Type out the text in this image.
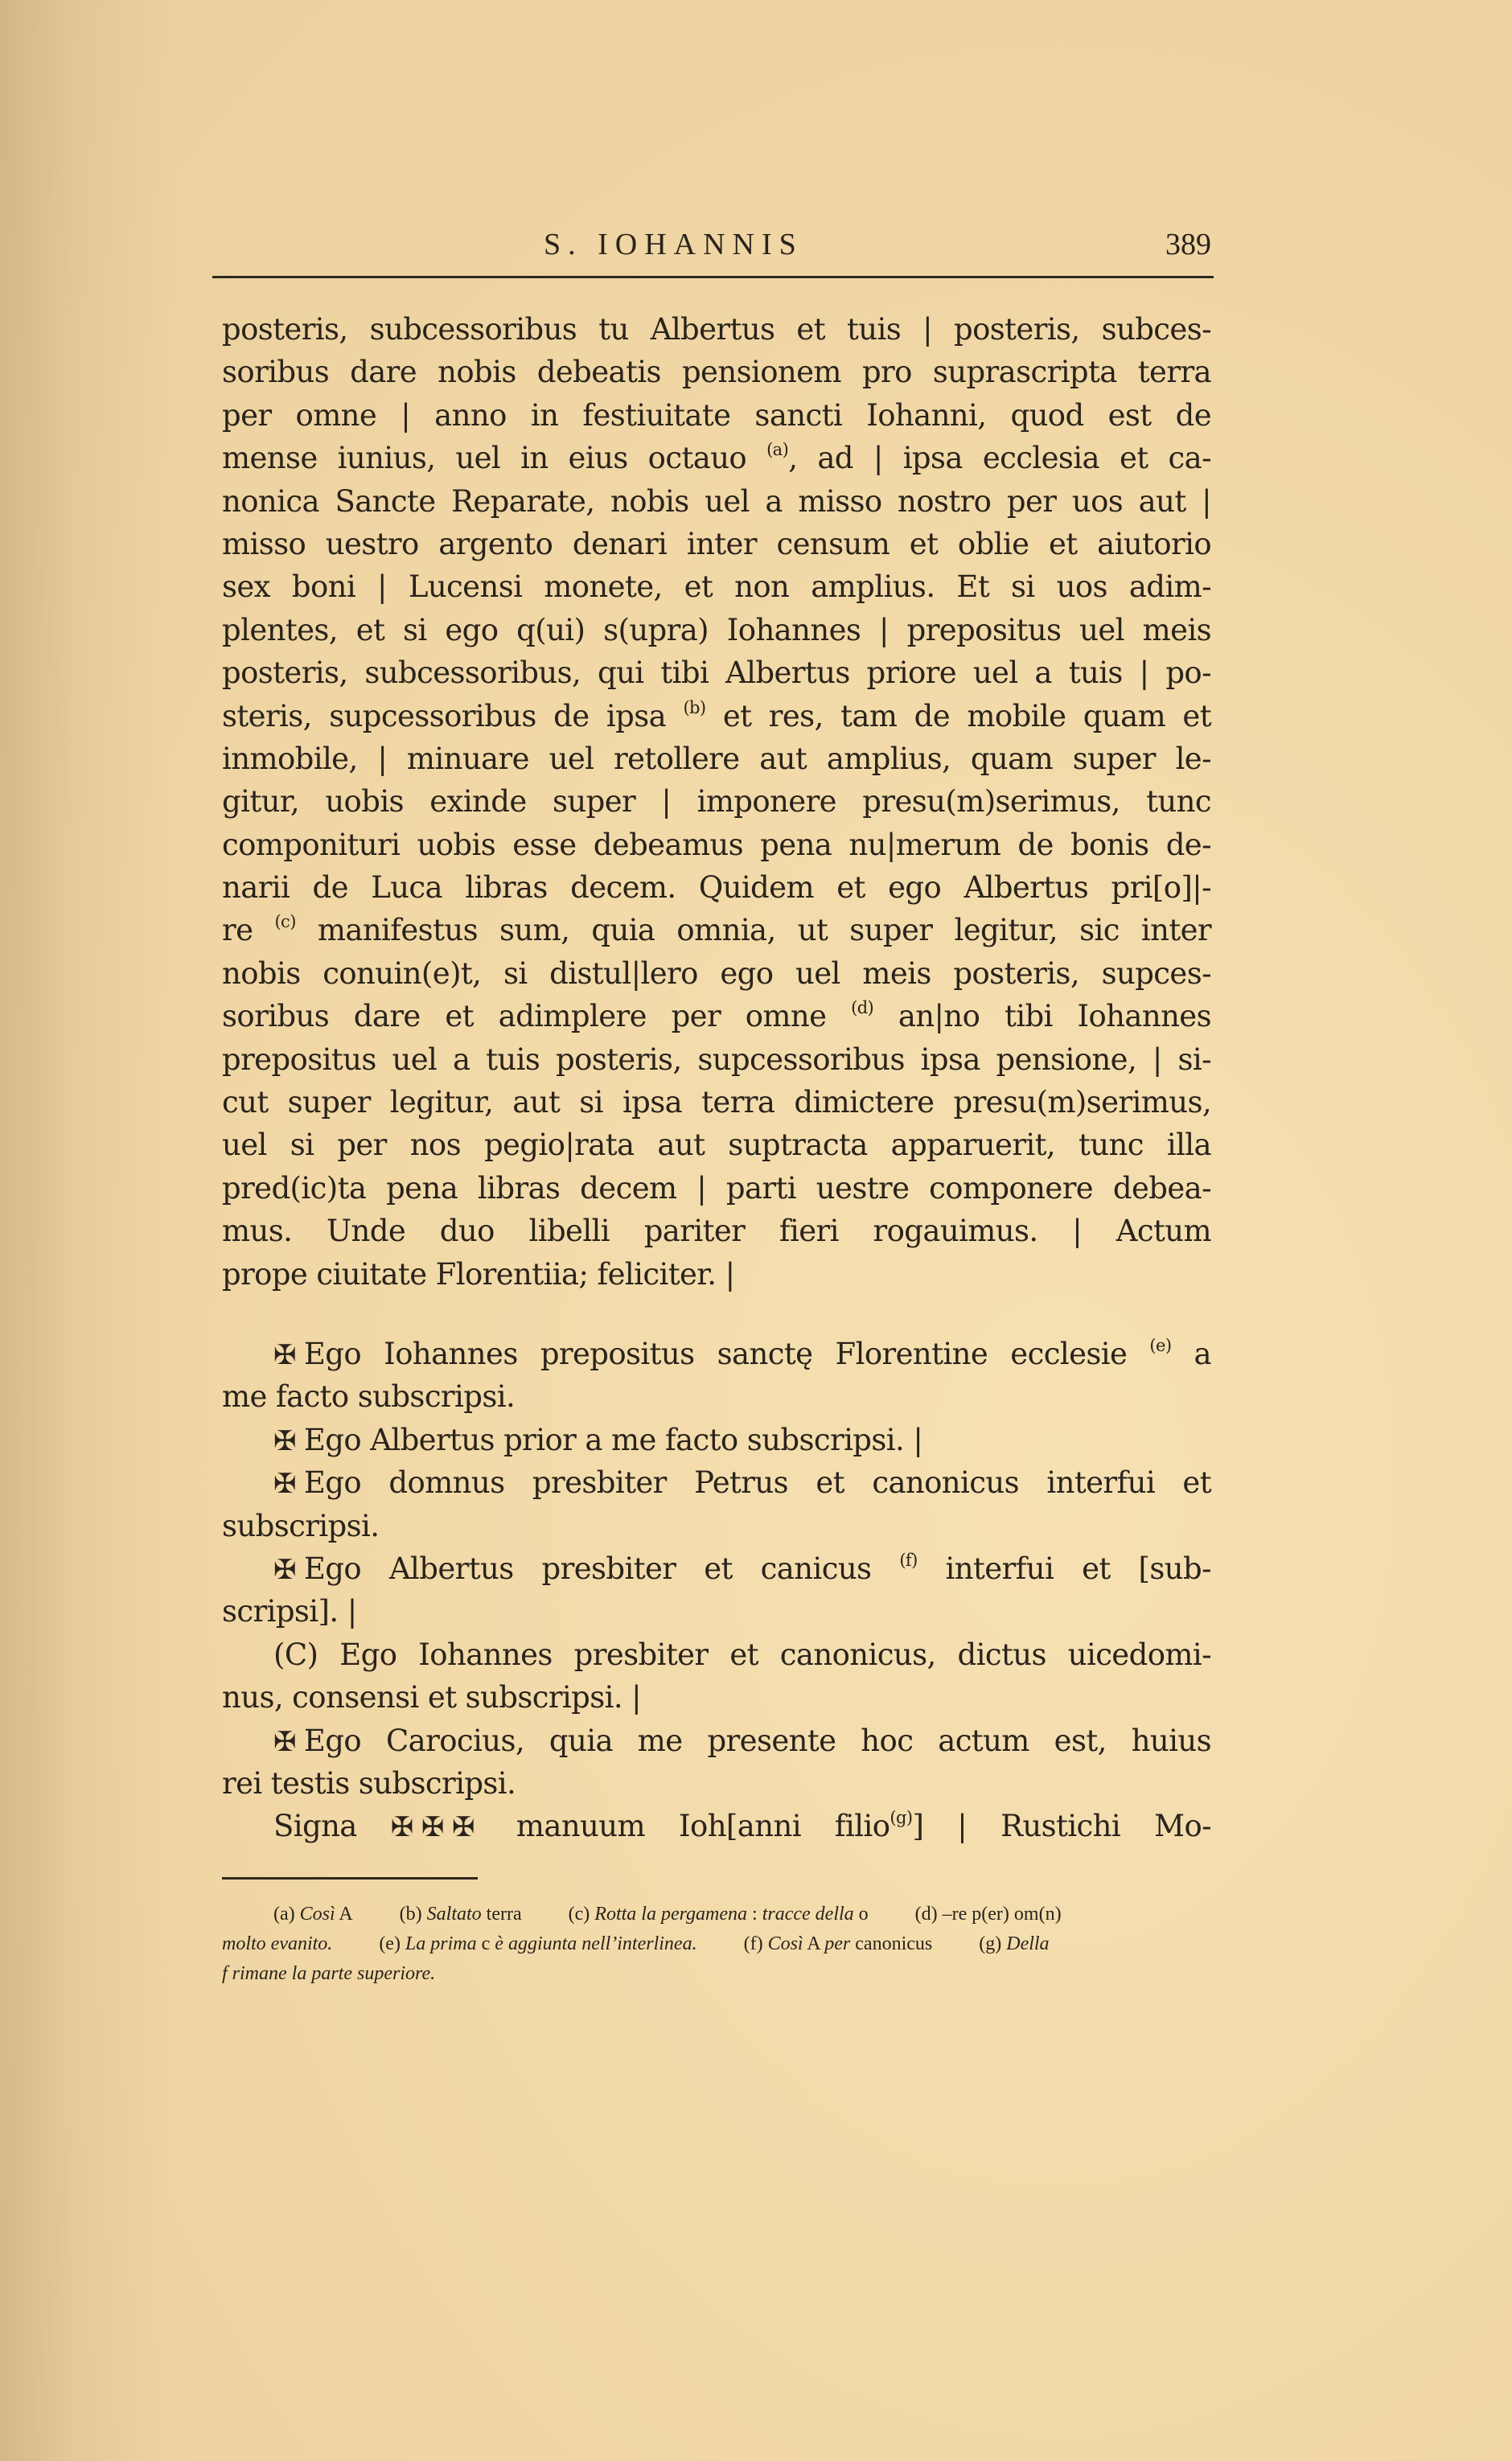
S. IOHANNIS	389
posteris, subcessoribus tu Albertus et tuis | posteris, subces-
soribus dare nobis debeatis pensionem pro suprascripta terra
per omne | anno in festiuitate sancti Iohanni, quod est de
mense iunius, uel in eius octauo $^{(a)}$, ad | ipsa ecclesia et ca-
nonica Sancte Reparate, nobis uel a misso nostro per uos aut |
misso uestro argento denari inter censum et oblie et aiutorio
sex boni | Lucensi monete, et non amplius. Et si uos adim-
plentes, et si ego q(ui) s(upra) Iohannes | prepositus uel meis
posteris, subcessoribus, qui tibi Albertus priore uel a tuis | po-
steris, supcessoribus de ipsa $^{(b)}$ et res, tam de mobile quam et
inmobile, | minuare uel retollere aut amplius, quam super le-
gitur, uobis exinde super | imponere presu(m)serimus, tunc
componituri uobis esse debeamus pena nu|merum de bonis de-
narii de Luca libras decem. Quidem et ego Albertus pri[o]|-
re $^{(c)}$ manifestus sum, quia omnia, ut super legitur, sic inter
nobis conuin(e)t, si distul|lero ego uel meis posteris, supces-
soribus dare et adimplere per omne $^{(d)}$ an|no tibi Iohannes
prepositus uel a tuis posteris, supcessoribus ipsa pensione, | si-
cut super legitur, aut si ipsa terra dimictere presu(m)serimus,
uel si per nos pegio|rata aut suptracta apparuerit, tunc illa
pred(ic)ta pena libras decem | parti uestre componere debea-
mus. Unde duo libelli pariter fieri rogauimus. | Actum
prope ciuitate Florentiia; feliciter. |
✠ Ego Iohannes prepositus sanctę Florentine ecclesie $^{(e)}$ a
me facto subscripsi.
✠ Ego Albertus prior a me facto subscripsi. |
✠ Ego domnus presbiter Petrus et canonicus interfui et
subscripsi.
✠ Ego Albertus presbiter et canicus $^{(f)}$ interfui et [sub-
scripsi]. |
(C) Ego Iohannes presbiter et canonicus, dictus uicedomi-
nus, consensi et subscripsi. |
✠ Ego Carocius, quia me presente hoc actum est, huius
rei testis subscripsi.
Signa ✠ ✠ ✠ manuum Ioh[anni filio$^{(g)}$] | Rustichi Mo-
(a) Così A (b) Saltato terra (c) Rotta la pergamena : tracce della o (d) –re p(er) om(n)
molto evanito. (e) La prima c è aggiunta nell’interlinea. (f) Così A per canonicus (g) Della
f rimane la parte superiore.
